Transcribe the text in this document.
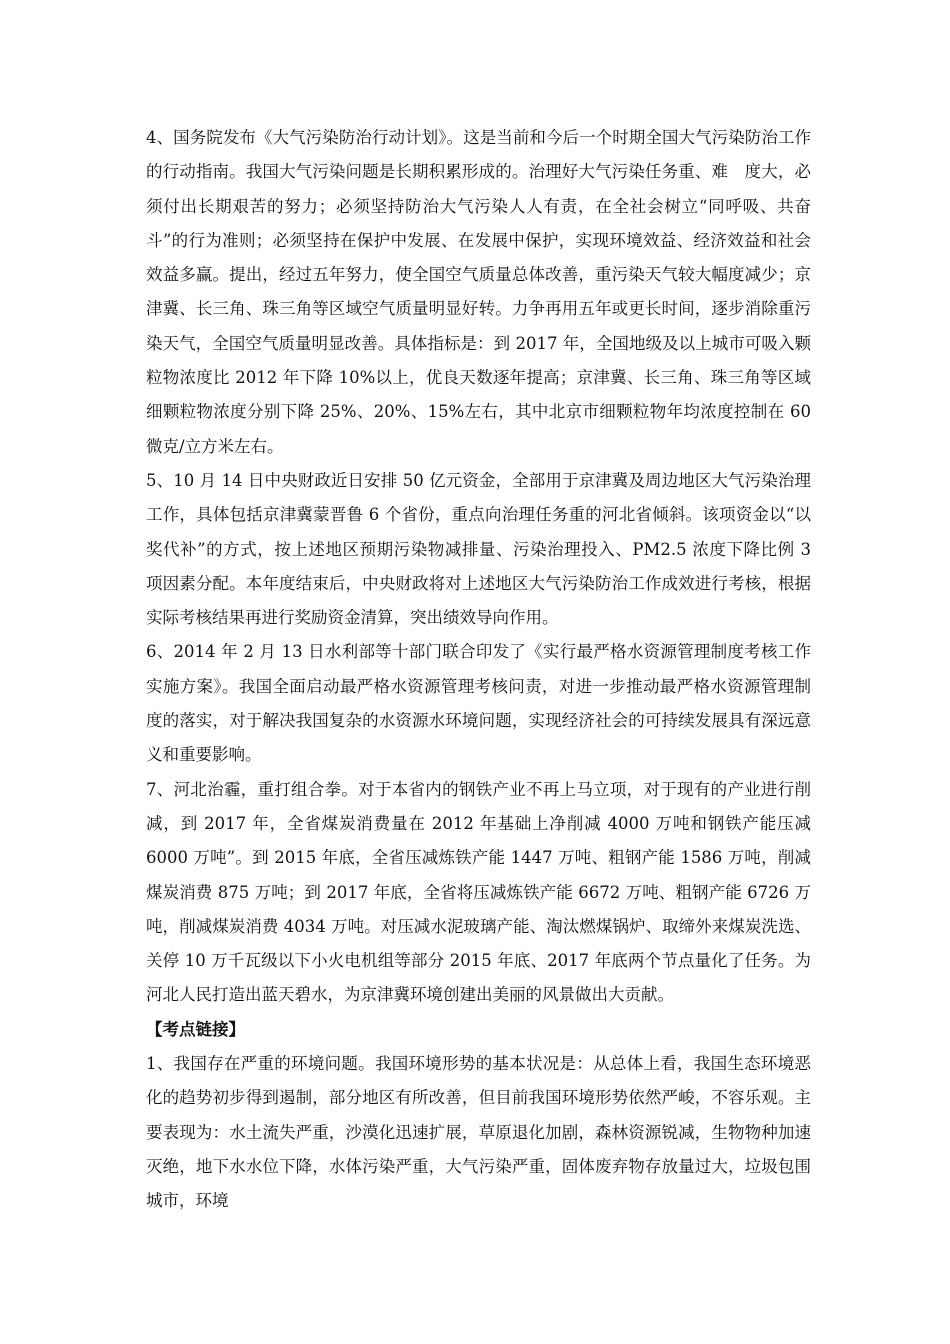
4、国务院发布《大气污染防治行动计划》。这是当前和今后一个时期全国大气污染防治工作的行动指南。我国大气污染问题是长期积累形成的。治理好大气污染任务重、难　度大，必须付出长期艰苦的努力；必须坚持防治大气污染人人有责，在全社会树立“同呼吸、共奋斗”的行为准则；必须坚持在保护中发展、在发展中保护，实现环境效益、经济效益和社会效益多赢。提出，经过五年努力，使全国空气质量总体改善，重污染天气较大幅度减少；京津冀、长三角、珠三角等区域空气质量明显好转。力争再用五年或更长时间，逐步消除重污染天气，全国空气质量明显改善。具体指标是：到 2017 年，全国地级及以上城市可吸入颗粒物浓度比 2012 年下降 10%以上，优良天数逐年提高；京津冀、长三角、珠三角等区域细颗粒物浓度分别下降 25%、20%、15%左右，其中北京市细颗粒物年均浓度控制在 60 微克/立方米左右。

5、10 月 14 日中央财政近日安排 50 亿元资金，全部用于京津冀及周边地区大气污染治理工作，具体包括京津冀蒙晋鲁 6 个省份，重点向治理任务重的河北省倾斜。该项资金以“以奖代补”的方式，按上述地区预期污染物减排量、污染治理投入、PM2.5 浓度下降比例 3 项因素分配。本年度结束后，中央财政将对上述地区大气污染防治工作成效进行考核，根据实际考核结果再进行奖励资金清算，突出绩效导向作用。

6、2014 年 2 月 13 日水利部等十部门联合印发了《实行最严格水资源管理制度考核工作实施方案》。我国全面启动最严格水资源管理考核问责，对进一步推动最严格水资源管理制度的落实，对于解决我国复杂的水资源水环境问题，实现经济社会的可持续发展具有深远意义和重要影响。

7、河北治霾，重打组合拳。对于本省内的钢铁产业不再上马立项，对于现有的产业进行削减，到 2017 年，全省煤炭消费量在 2012 年基础上净削减 4000 万吨和钢铁产能压减 6000 万吨”。到 2015 年底，全省压减炼铁产能 1447 万吨、粗钢产能 1586 万吨，削减煤炭消费 875 万吨；到 2017 年底，全省将压减炼铁产能 6672 万吨、粗钢产能 6726 万吨，削减煤炭消费 4034 万吨。对压减水泥玻璃产能、淘汰燃煤锅炉、取缔外来煤炭洗选、关停 10 万千瓦级以下小火电机组等部分 2015 年底、2017 年底两个节点量化了任务。为河北人民打造出蓝天碧水，为京津冀环境创建出美丽的风景做出大贡献。

【考点链接】

1、我国存在严重的环境问题。我国环境形势的基本状况是：从总体上看，我国生态环境恶化的趋势初步得到遏制，部分地区有所改善，但目前我国环境形势依然严峻，不容乐观。主要表现为：水土流失严重，沙漠化迅速扩展，草原退化加剧，森林资源锐减，生物物种加速灭绝，地下水水位下降，水体污染严重，大气污染严重，固体废弃物存放量过大，垃圾包围城市，环境
